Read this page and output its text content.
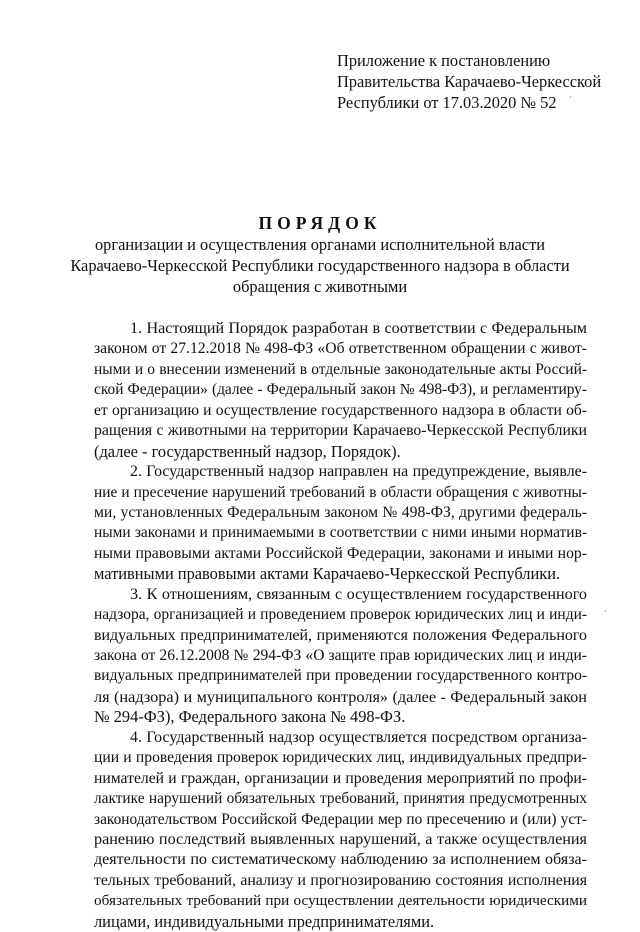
Приложение к постановлению
Правительства Карачаево-Черкесской
Республики от 17.03.2020 № 52
ПОРЯДОК
организации и осуществления органами исполнительной власти
Карачаево-Черкесской Республики государственного надзора в области
обращения с животными
1. Настоящий Порядок разработан в соответствии с Федеральным
законом от 27.12.2018 № 498-ФЗ «Об ответственном обращении с живот-
ными и о внесении изменений в отдельные законодательные акты Россий-
ской Федерации» (далее - Федеральный закон № 498-ФЗ), и регламентиру-
ет организацию и осуществление государственного надзора в области об-
ращения с животными на территории Карачаево-Черкесской Республики
(далее - государственный надзор, Порядок).
2. Государственный надзор направлен на предупреждение, выявле-
ние и пресечение нарушений требований в области обращения с животны-
ми, установленных Федеральным законом № 498-ФЗ, другими федераль-
ными законами и принимаемыми в соответствии с ними иными норматив-
ными правовыми актами Российской Федерации, законами и иными нор-
мативными правовыми актами Карачаево-Черкесской Республики.
3. К отношениям, связанным с осуществлением государственного
надзора, организацией и проведением проверок юридических лиц и инди-
видуальных предпринимателей, применяются положения Федерального
закона от 26.12.2008 № 294-ФЗ «О защите прав юридических лиц и инди-
видуальных предпринимателей при проведении государственного контро-
ля (надзора) и муниципального контроля» (далее - Федеральный закон
№ 294-ФЗ), Федерального закона № 498-ФЗ.
4. Государственный надзор осуществляется посредством организа-
ции и проведения проверок юридических лиц, индивидуальных предпри-
нимателей и граждан, организации и проведения мероприятий по профи-
лактике нарушений обязательных требований, принятия предусмотренных
законодательством Российской Федерации мер по пресечению и (или) уст-
ранению последствий выявленных нарушений, а также осуществления
деятельности по систематическому наблюдению за исполнением обяза-
тельных требований, анализу и прогнозированию состояния исполнения
обязательных требований при осуществлении деятельности юридическими
лицами, индивидуальными предпринимателями.
·
·
